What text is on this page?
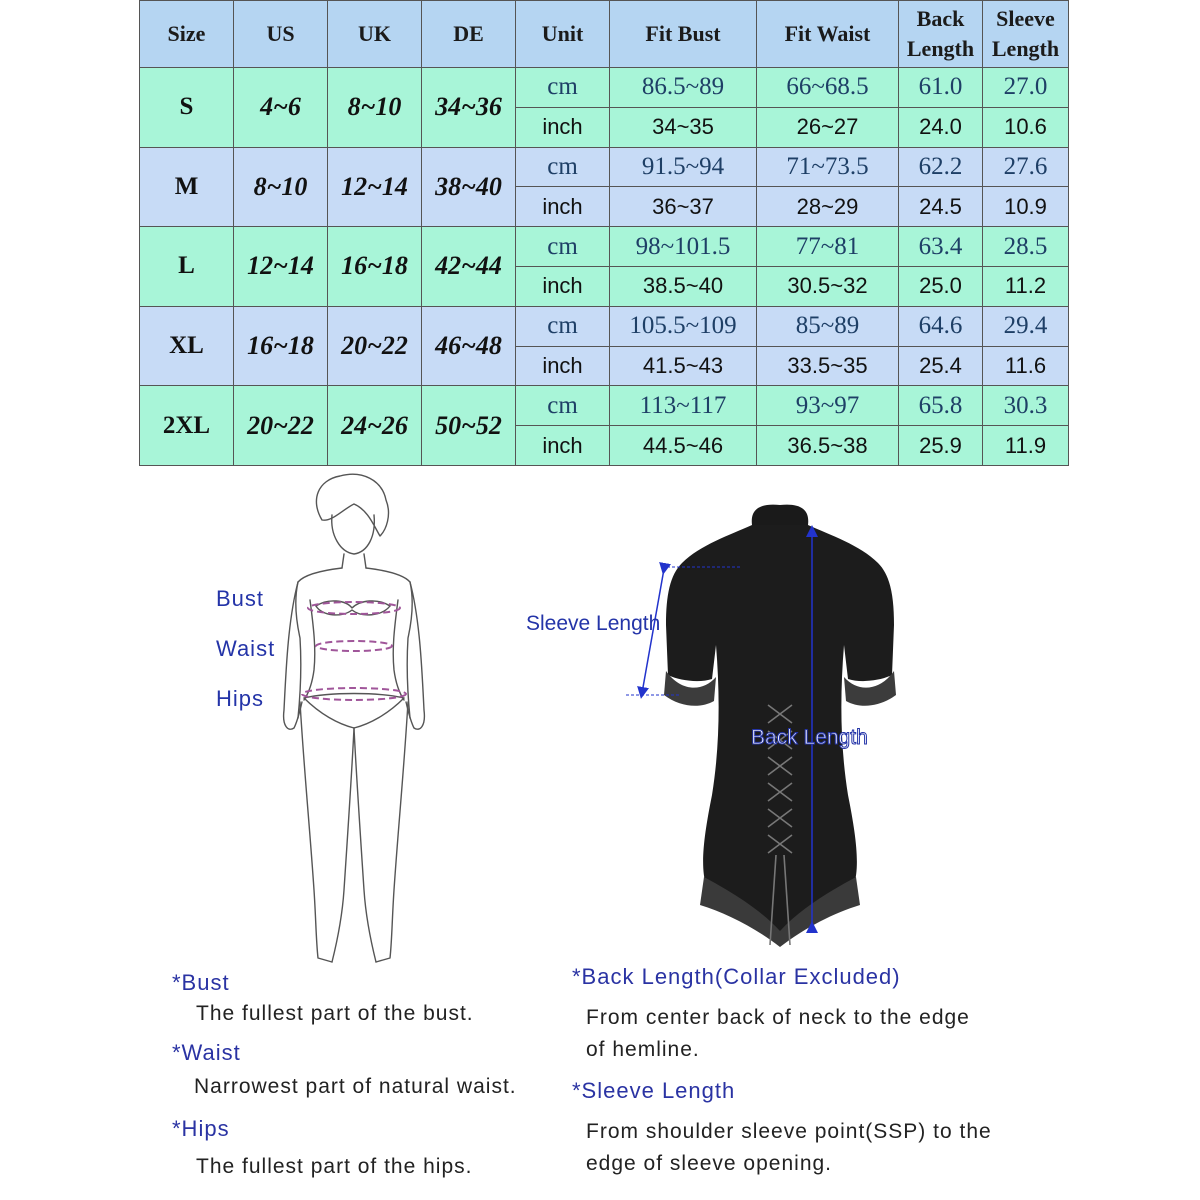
Size	US	UK	DE	Unit	Fit Bust	Fit Waist	Back Length	Sleeve Length
S	4~6	8~10	34~36	cm	86.5~89	66~68.5	61.0	27.0
				inch	34~35	26~27	24.0	10.6
M	8~10	12~14	38~40	cm	91.5~94	71~73.5	62.2	27.6
				inch	36~37	28~29	24.5	10.9
L	12~14	16~18	42~44	cm	98~101.5	77~81	63.4	28.5
				inch	38.5~40	30.5~32	25.0	11.2
XL	16~18	20~22	46~48	cm	105.5~109	85~89	64.6	29.4
				inch	41.5~43	33.5~35	25.4	11.6
2XL	20~22	24~26	50~52	cm	113~117	93~97	65.8	30.3
				inch	44.5~46	36.5~38	25.9	11.9
Bust
Waist
Hips
Sleeve Length
Back Length
*Bust
The fullest part of the bust.
*Waist
Narrowest part of natural waist.
*Hips
The fullest part of the hips.
*Back Length(Collar Excluded)
From center back of neck to the edge
of hemline.
*Sleeve Length
From shoulder sleeve point(SSP) to the
edge of sleeve opening.
